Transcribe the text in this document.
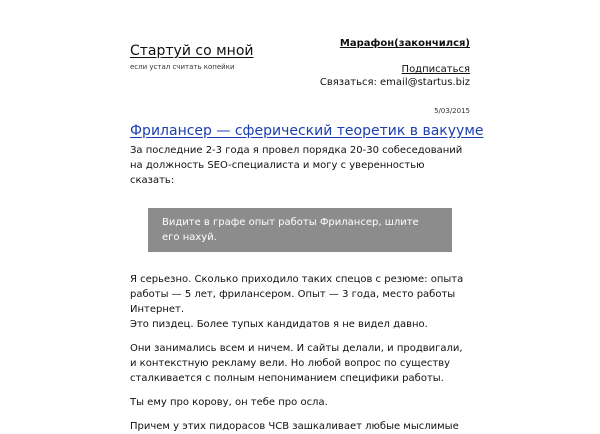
Стартуй со мной
если устал считать копейки
Марафон(закончился)
Подписаться
Связаться: email@startus.biz
5/03/2015
Фрилансер — сферический теоретик в вакууме

За последние 2-3 года я провел порядка 20-30 собеседований на должность SEO-специалиста и могу с уверенностью сказать:

Видите в графе опыт работы Фрилансер, шлите его нахуй.

Я серьезно. Сколько приходило таких спецов с резюме: опыта работы — 5 лет, фрилансером. Опыт — 3 года, место работы Интернет.

Это пиздец. Более тупых кандидатов я не видел давно.

Они занимались всем и ничем. И сайты делали, и продвигали, и контекстную рекламу вели. Но любой вопрос по существу сталкивается с полным непониманием специфики работы.

Ты ему про корову, он тебе про осла.

Причем у этих пидорасов ЧСВ зашкаливает любые мыслимые
